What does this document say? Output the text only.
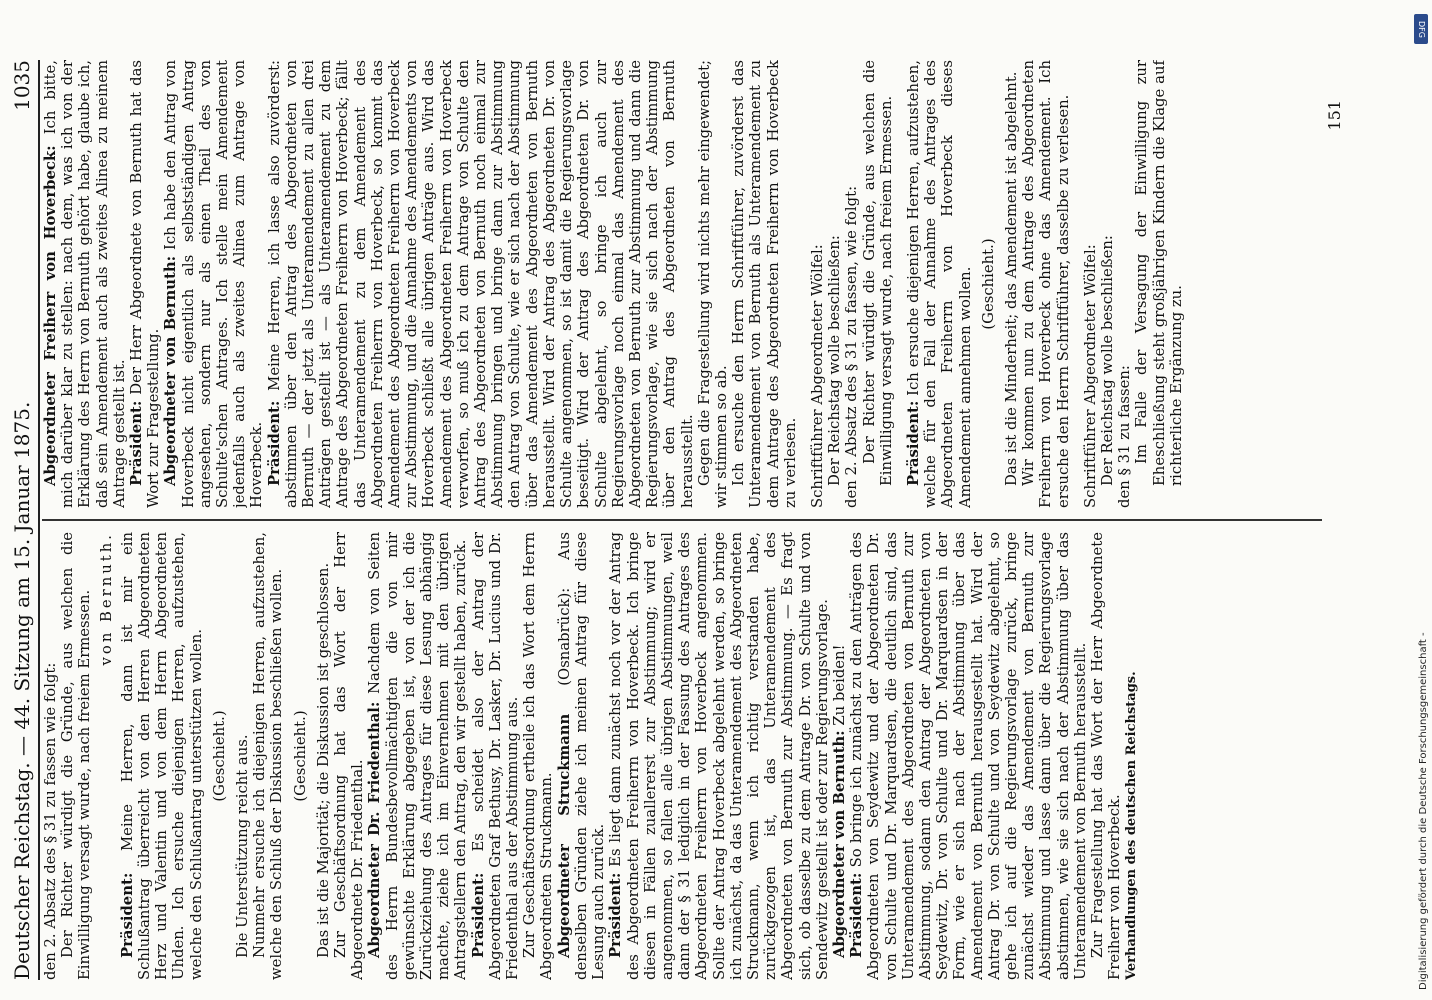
Deutscher Reichstag. — 44. Sitzung am 15. Januar 1875.
1035

den 2. Absatz des § 31 zu fassen wie folgt: Der Richter würdigt die Gründe, aus welchen die Einwilligung versagt wurde, nach freiem Ermessen. von Bernuth.

Präsident: Meine Herren, dann ist mir ein Schlußantrag überreicht von den Herren Abgeordneten Herz und Valentin und von dem Herrn Abgeordneten Uhden. Ich ersuche diejenigen Herren, aufzustehen, welche den Schlußantrag unterstützen wollen. (Geschieht.) Die Unterstützung reicht aus. Nunmehr ersuche ich diejenigen Herren, aufzustehen, welche den Schluß der Diskussion beschließen wollen. (Geschieht.) Das ist die Majorität; die Diskussion ist geschlossen. Zur Geschäftsordnung hat das Wort der Herr Abgeordnete Dr. Friedenthal. Abgeordneter Dr. Friedenthal: Nachdem von Seiten des Herrn Bundesbevollmächtigten die von mir gewünschte Erklärung abgegeben ist, von der ich die Zurückziehung des Antrages für diese Lesung abhängig machte, ziehe ich im Einvernehmen mit den übrigen Antragstellern den Antrag, den wir gestellt haben, zurück. Präsident: Es scheidet also der Antrag der Abgeordneten Graf Bethusy, Dr. Lasker, Dr. Lucius und Dr. Friedenthal aus der Abstimmung aus. Zur Geschäftsordnung ertheile ich das Wort dem Herrn Abgeordneten Struckmann. Abgeordneter Struckmann (Osnabrück): Aus denselben Gründen ziehe ich meinen Antrag für diese Lesung auch zurück. Präsident: Es liegt dann zunächst noch vor der Antrag des Abgeordneten Freiherrn von Hoverbeck. Ich bringe diesen in Fällen zuallererst zur Abstimmung; wird er angenommen, so fallen alle übrigen Abstimmungen, weil dann der § 31 lediglich in der Fassung des Antrages des Abgeordneten Freiherrn von Hoverbeck angenommen. Sollte der Antrag Hoverbeck abgelehnt werden, so bringe ich zunächst, da das Unteramendement des Abgeordneten Struckmann, wenn ich richtig verstanden habe, zurückgezogen ist, das Unteramendement des Abgeordneten von Bernuth zur Abstimmung. — Es fragt sich, ob dasselbe zu dem Antrage Dr. von Schulte und von Sendewitz gestellt ist oder zur Regierungsvorlage. Abgeordneter von Bernuth: Zu beiden!

Präsident: So bringe ich zunächst zu den Anträgen des Abgeordneten von Seydewitz und der Abgeordneten Dr. von Schulte und Dr. Marquardsen, die deutlich sind, das Unteramendement des Abgeordneten von Bernuth zur Abstimmung, sodann den Antrag der Abgeordneten von Seydewitz, Dr. von Schulte und Dr. Marquardsen in der Form, wie er sich nach der Abstimmung über das Amendement von Bernuth herausgestellt hat. Wird der Antrag Dr. von Schulte und von Seydewitz abgelehnt, so gehe ich auf die Regierungsvorlage zurück, bringe zunächst wieder das Amendement von Bernuth zur Abstimmung und lasse dann über die Regierungsvorlage abstimmen, wie sie sich nach der Abstimmung über das Unteramendement von Bernuth herausstellt. Zur Fragestellung hat das Wort der Herr Abgeordnete Freiherr von Hoverbeck. Verhandlungen des deutschen Reichstags.

Abgeordneter Freiherr von Hoverbeck: Ich bitte, mich darüber klar zu stellen: nach dem, was ich von der Erklärung des Herrn von Bernuth gehört habe, glaube ich, daß sein Amendement auch als zweites Alinea zu meinem Antrage gestellt ist. Präsident: Der Herr Abgeordnete von Bernuth hat das Wort zur Fragestellung. Abgeordneter von Bernuth: Ich habe den Antrag von Hoverbeck nicht eigentlich als selbstständigen Antrag angesehen, sondern nur als einen Theil des von Schulte'schen Antrages. Ich stelle mein Amendement jedenfalls auch als zweites Alinea zum Antrage von Hoverbeck. Präsident: Meine Herren, ich lasse also zuvörderst: abstimmen über den Antrag des Abgeordneten von Bernuth — der jetzt als Unteramendement zu allen drei Anträgen gestellt ist — als Unteramendement zu dem Antrage des Abgeordneten Freiherrn von Hoverbeck; fällt das Unteramendement zu dem Amendement des Abgeordneten Freiherrn von Hoverbeck, so kommt das Amendement des Abgeordneten Freiherrn von Hoverbeck zur Abstimmung, und die Annahme des Amendements von Hoverbeck schließt alle übrigen Anträge aus. Wird das Amendement des Abgeordneten Freiherrn von Hoverbeck verworfen, so muß ich zu dem Antrage von Schulte den Antrag des Abgeordneten von Bernuth noch einmal zur Abstimmung bringen und bringe dann zur Abstimmung den Antrag von Schulte, wie er sich nach der Abstimmung über das Amendement des Abgeordneten von Bernuth herausstellt. Wird der Antrag des Abgeordneten Dr. von Schulte angenommen, so ist damit die Regierungsvorlage beseitigt. Wird der Antrag des Abgeordneten Dr. von Schulte abgelehnt, so bringe ich auch zur Regierungsvorlage noch einmal das Amendement des Abgeordneten von Bernuth zur Abstimmung und dann die Regierungsvorlage, wie sie sich nach der Abstimmung über den Antrag des Abgeordneten von Bernuth herausstellt. Gegen die Fragestellung wird nichts mehr eingewendet; wir stimmen so ab. Ich ersuche den Herrn Schriftführer, zuvörderst das Unteramendement von Bernuth als Unteramendement zu dem Antrage des Abgeordneten Freiherrn von Hoverbeck zu verlesen. Schriftführer Abgeordneter Wölfel: Der Reichstag wolle beschließen: den 2. Absatz des § 31 zu fassen, wie folgt: Der Richter würdigt die Gründe, aus welchen die Einwilligung versagt wurde, nach freiem Ermessen. Präsident: Ich ersuche diejenigen Herren, aufzustehen, welche für den Fall der Annahme des Antrages des Abgeordneten Freiherrn von Hoverbeck dieses Amendement annehmen wollen. (Geschieht.) Das ist die Minderheit; das Amendement ist abgelehnt. Wir kommen nun zu dem Antrage des Abgeordneten Freiherrn von Hoverbeck ohne das Amendement. Ich ersuche den Herrn Schriftführer, dasselbe zu verlesen. Schriftführer Abgeordneter Wölfel: Der Reichstag wolle beschließen: den § 31 zu fassen: Im Falle der Versagung der Einwilligung zur Eheschließung steht großjährigen Kindern die Klage auf richterliche Ergänzung zu.

151
DFG
Digitalisierung gefördert durch die Deutsche Forschungsgemeinschaft -
